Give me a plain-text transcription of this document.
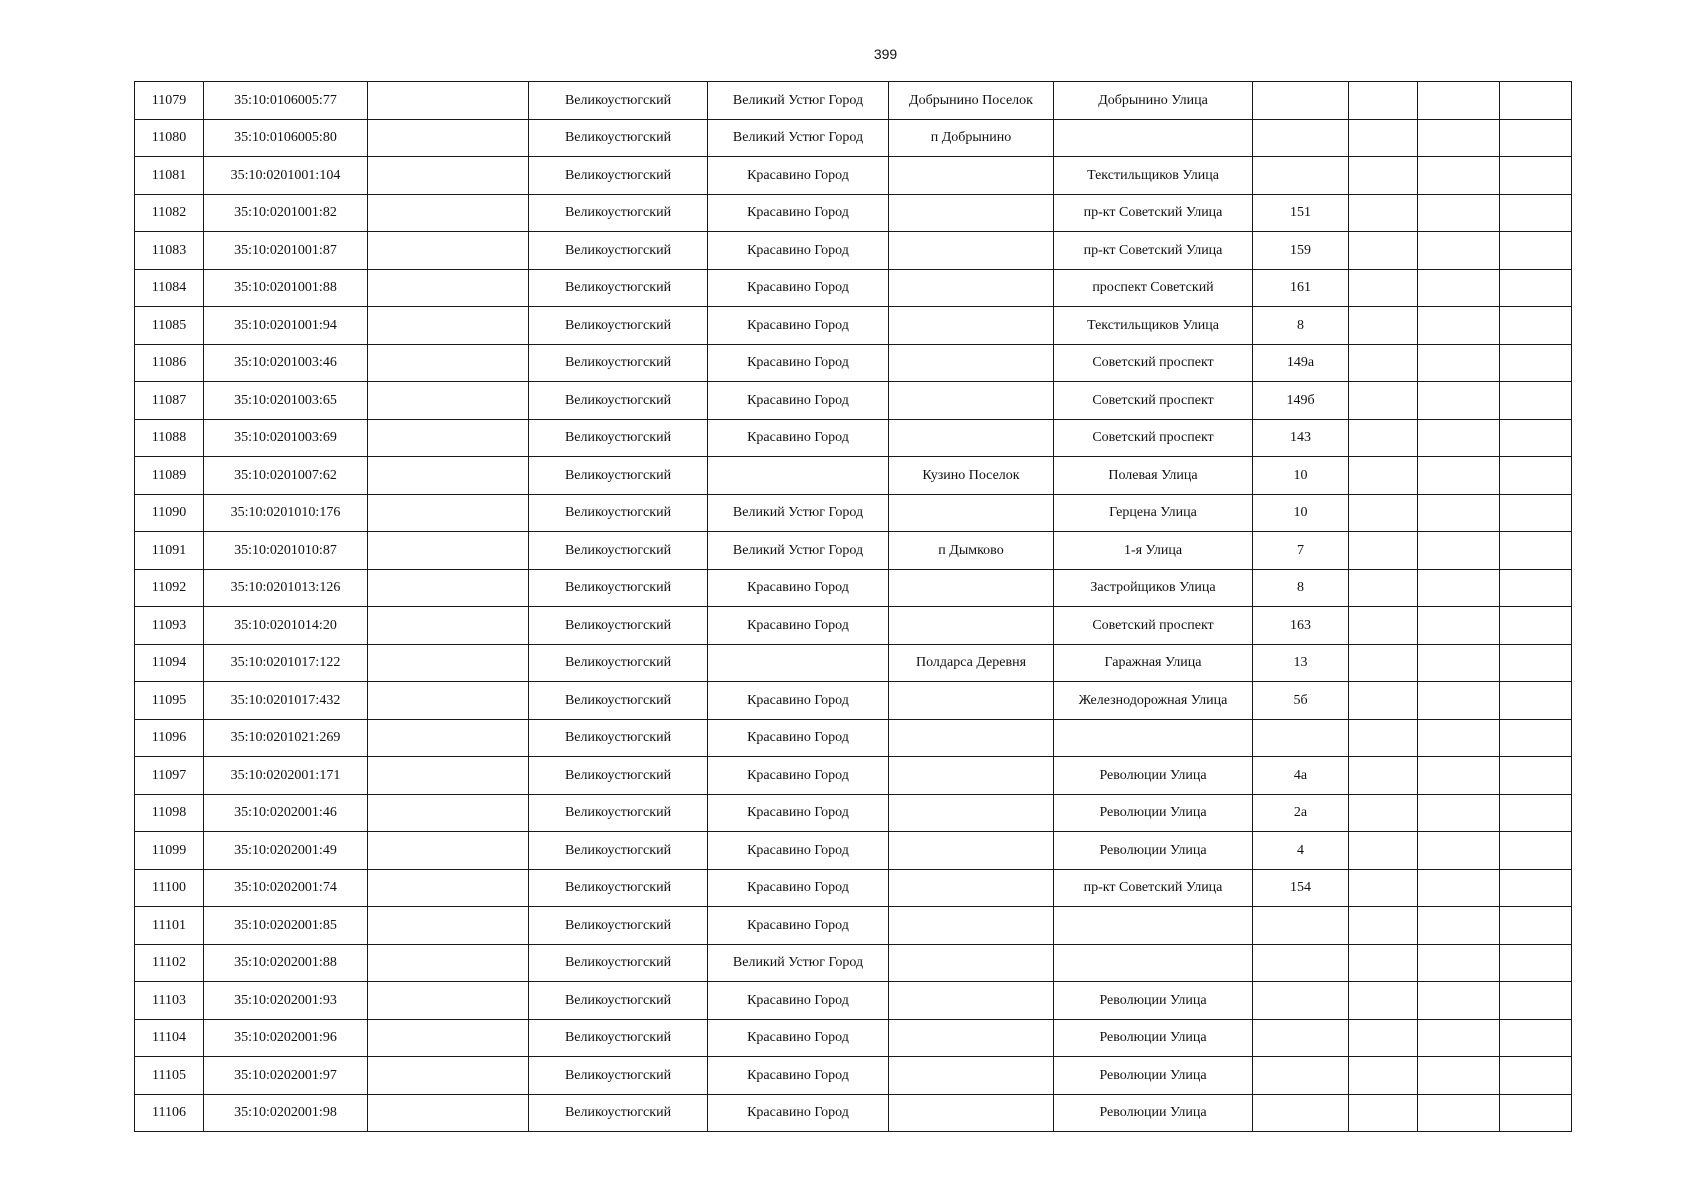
399
11079	35:10:0106005:77		Великоустюгский	Великий Устюг Город	Добрынино Поселок	Добрынино Улица				
11080	35:10:0106005:80		Великоустюгский	Великий Устюг Город	п Добрынино					
11081	35:10:0201001:104		Великоустюгский	Красавино Город		Текстильщиков Улица				
11082	35:10:0201001:82		Великоустюгский	Красавино Город		пр-кт Советский Улица	151			
11083	35:10:0201001:87		Великоустюгский	Красавино Город		пр-кт Советский Улица	159			
11084	35:10:0201001:88		Великоустюгский	Красавино Город		проспект Советский	161			
11085	35:10:0201001:94		Великоустюгский	Красавино Город		Текстильщиков Улица	8			
11086	35:10:0201003:46		Великоустюгский	Красавино Город		Советский проспект	149а			
11087	35:10:0201003:65		Великоустюгский	Красавино Город		Советский проспект	149б			
11088	35:10:0201003:69		Великоустюгский	Красавино Город		Советский проспект	143			
11089	35:10:0201007:62		Великоустюгский		Кузино Поселок	Полевая Улица	10			
11090	35:10:0201010:176		Великоустюгский	Великий Устюг Город		Герцена Улица	10			
11091	35:10:0201010:87		Великоустюгский	Великий Устюг Город	п Дымково	1-я Улица	7			
11092	35:10:0201013:126		Великоустюгский	Красавино Город		Застройщиков Улица	8			
11093	35:10:0201014:20		Великоустюгский	Красавино Город		Советский проспект	163			
11094	35:10:0201017:122		Великоустюгский		Полдарса Деревня	Гаражная Улица	13			
11095	35:10:0201017:432		Великоустюгский	Красавино Город		Железнодорожная Улица	5б			
11096	35:10:0201021:269		Великоустюгский	Красавино Город						
11097	35:10:0202001:171		Великоустюгский	Красавино Город		Революции Улица	4а			
11098	35:10:0202001:46		Великоустюгский	Красавино Город		Революции Улица	2а			
11099	35:10:0202001:49		Великоустюгский	Красавино Город		Революции Улица	4			
11100	35:10:0202001:74		Великоустюгский	Красавино Город		пр-кт Советский Улица	154			
11101	35:10:0202001:85		Великоустюгский	Красавино Город						
11102	35:10:0202001:88		Великоустюгский	Великий Устюг Город						
11103	35:10:0202001:93		Великоустюгский	Красавино Город		Революции Улица				
11104	35:10:0202001:96		Великоустюгский	Красавино Город		Революции Улица				
11105	35:10:0202001:97		Великоустюгский	Красавино Город		Революции Улица				
11106	35:10:0202001:98		Великоустюгский	Красавино Город		Революции Улица				
